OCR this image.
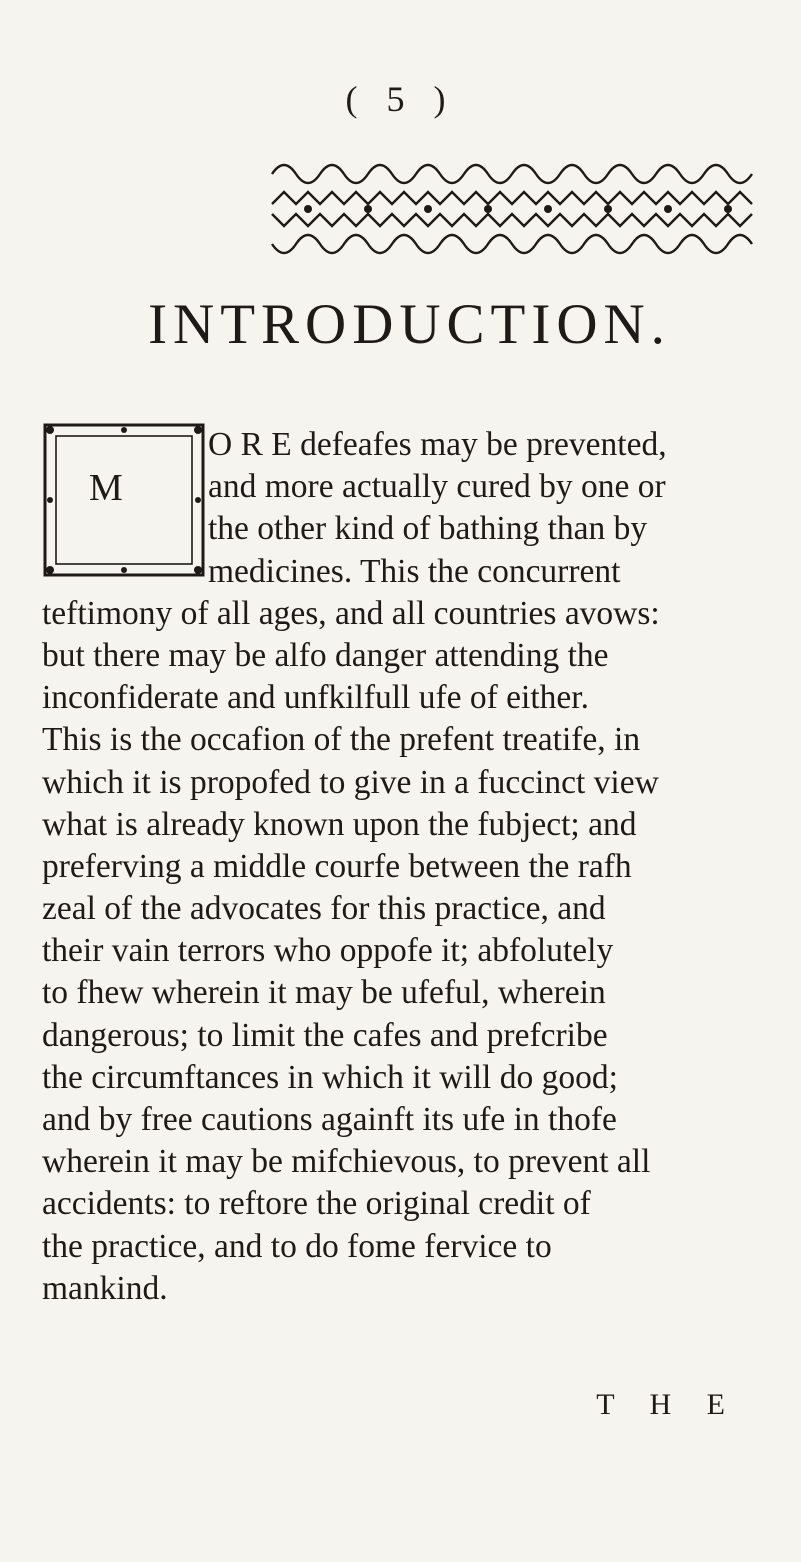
( 5 )
INTRODUCTION.
M
O R E defeafes may be prevented,
and more actually cured by one or
the other kind of bathing than by
medicines. This the concurrent
teftimony of all ages, and all countries avows:
but there may be alfo danger attending the
inconfiderate and unfkilfull ufe of either.
This is the occafion of the prefent treatife, in
which it is propofed to give in a fuccinct view
what is already known upon the fubject; and
preferving a middle courfe between the rafh
zeal of the advocates for this practice, and
their vain terrors who oppofe it; abfolutely
to fhew wherein it may be ufeful, wherein
dangerous; to limit the cafes and prefcribe
the circumftances in which it will do good;
and by free cautions againft its ufe in thofe
wherein it may be mifchievous, to prevent all
accidents: to reftore the original credit of
the practice, and to do fome fervice to
mankind.
T H E
